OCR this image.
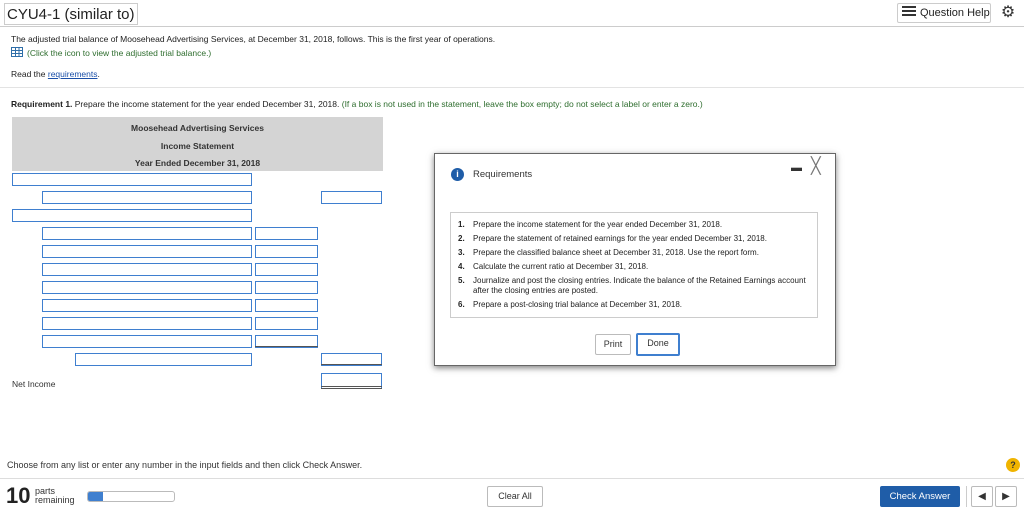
CYU4-1 (similar to)	Question Help ⚙
The adjusted trial balance of Moosehead Advertising Services, at December 31, 2018, follows. This is the first year of operations.
(Click the icon to view the adjusted trial balance.)
Read the requirements.
Requirement 1. Prepare the income statement for the year ended December 31, 2018. (If a box is not used in the statement, leave the box empty; do not select a label or enter a zero.)
Moosehead Advertising Services
Income Statement
Year Ended December 31, 2018
Net Income
i	Requirements
▬ ╳
1. Prepare the income statement for the year ended December 31, 2018.
2. Prepare the statement of retained earnings for the year ended December 31, 2018.
3. Prepare the classified balance sheet at December 31, 2018. Use the report form.
4. Calculate the current ratio at December 31, 2018.
5. Journalize and post the closing entries. Indicate the balance of the Retained Earnings account after the closing entries are posted.
6. Prepare a post-closing trial balance at December 31, 2018.
Print	Done
Choose from any list or enter any number in the input fields and then click Check Answer.	?
10 parts
remaining	Clear All	Check Answer	◀	▶
